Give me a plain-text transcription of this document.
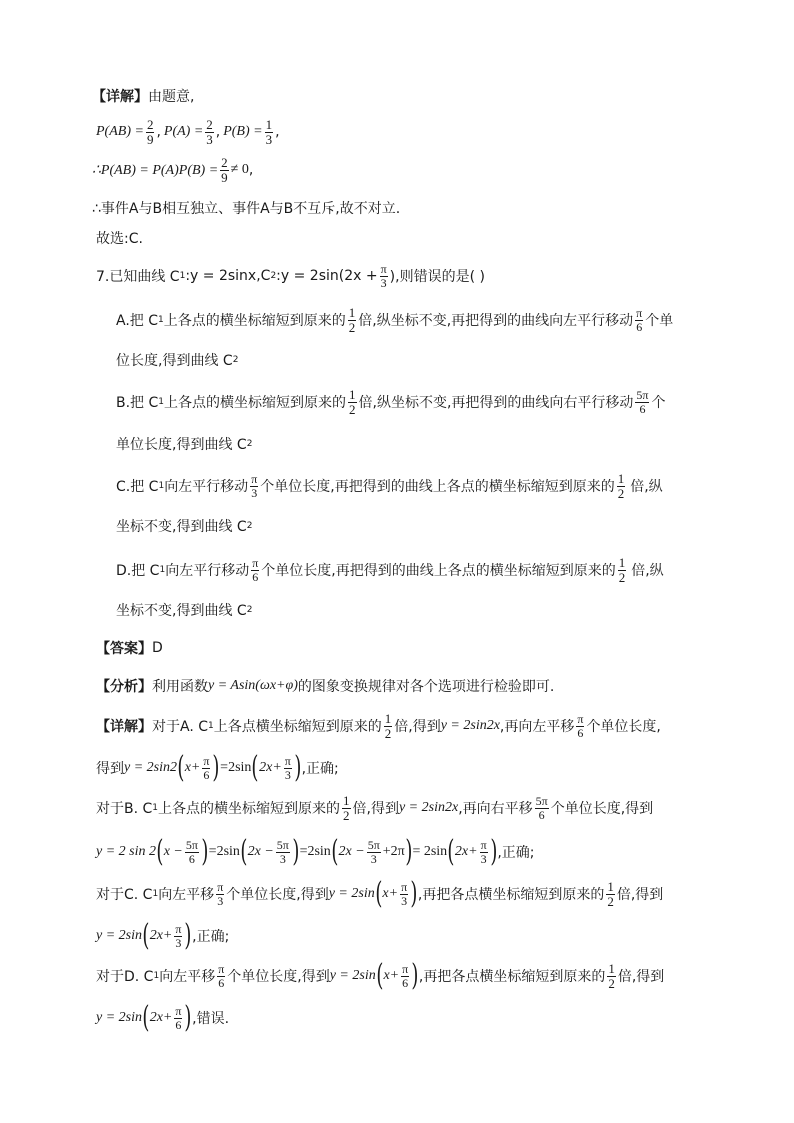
【详解】 由题意,
$P(AB) = \frac{2}{9}$ , $P(A) = \frac{2}{3}$ , $P(B) = \frac{1}{3}$ ,
∴P(AB) = $P(A)P(B) = \frac{2}{9} \ne 0$ ,
∴事件A与B相互独立、事件A与B不互斥,故不对立.
故选:C.
7.已知曲线 C 1 :y = 2sinx,C 2 :y = $2\sin(2x + \frac{\pi}{3}$ ),则错误的是( )
A.把 C 1 上各点的横坐标缩短到原来的
1
2 倍,纵坐标不变,再把得到的曲线向左平行移动
π
6 个单
位长度,得到曲线 C 2
B.把 C 1 上各点的横坐标缩短到原来的
1
2 倍,纵坐标不变,再把得到的曲线向右平行移动
5π
6 个
单位长度,得到曲线 C 2
C.把 C 1 向左平行移动
π
3 个单位长度,再把得到的曲线上各点的横坐标缩短到原来的
1
2 倍,纵
坐标不变,得到曲线 C 2
D.把 C 1 向左平行移动
π
6 个单位长度,再把得到的曲线上各点的横坐标缩短到原来的
1
2 倍,纵
坐标不变,得到曲线 C 2
【答案】 D
【分析】 利用函数 y = Asin(ωx+φ) 的图象变换规律对各个选项进行检验即可.
【详解】 对于A. C 1 上各点横坐标缩短到原来的
1
2 倍,得到 y = 2sin2x ,再向左平移
π
6 个单位长度,
得到 y = 2sin2 ( $x+ \frac{\pi}{6}$ ) =2sin ( $2x+ \frac{\pi}{3}$ ) ,正确;
对于B. C 1 上各点的横坐标缩短到原来的
1
2 倍,得到 y = 2sin2x ,再向右平移
5π
6 个单位长度,得到
y = 2 sin 2 ( $x - \frac{5\pi}{6}$ ) =2sin ( $2x - \frac{5\pi}{3}$ ) =2sin ( $2x - \frac{5\pi}{3} +2\pi$ ) = 2sin ( $2x+ \frac{\pi}{3}$ ) ,正确;
对于C. C 1 向左平移
π
3 个单位长度,得到 y = 2sin ( $x+ \frac{\pi}{3}$ ) ,再把各点横坐标缩短到原来的
1
2 倍,得到
y = 2sin ( $2x+ \frac{\pi}{3}$ ) ,正确;
对于D. C 1 向左平移
π
6 个单位长度,得到 y = 2sin ( $x+ \frac{\pi}{6}$ ) ,再把各点横坐标缩短到原来的
1
2 倍,得到
y = 2sin ( $2x+ \frac{\pi}{6}$ ) ,错误.
